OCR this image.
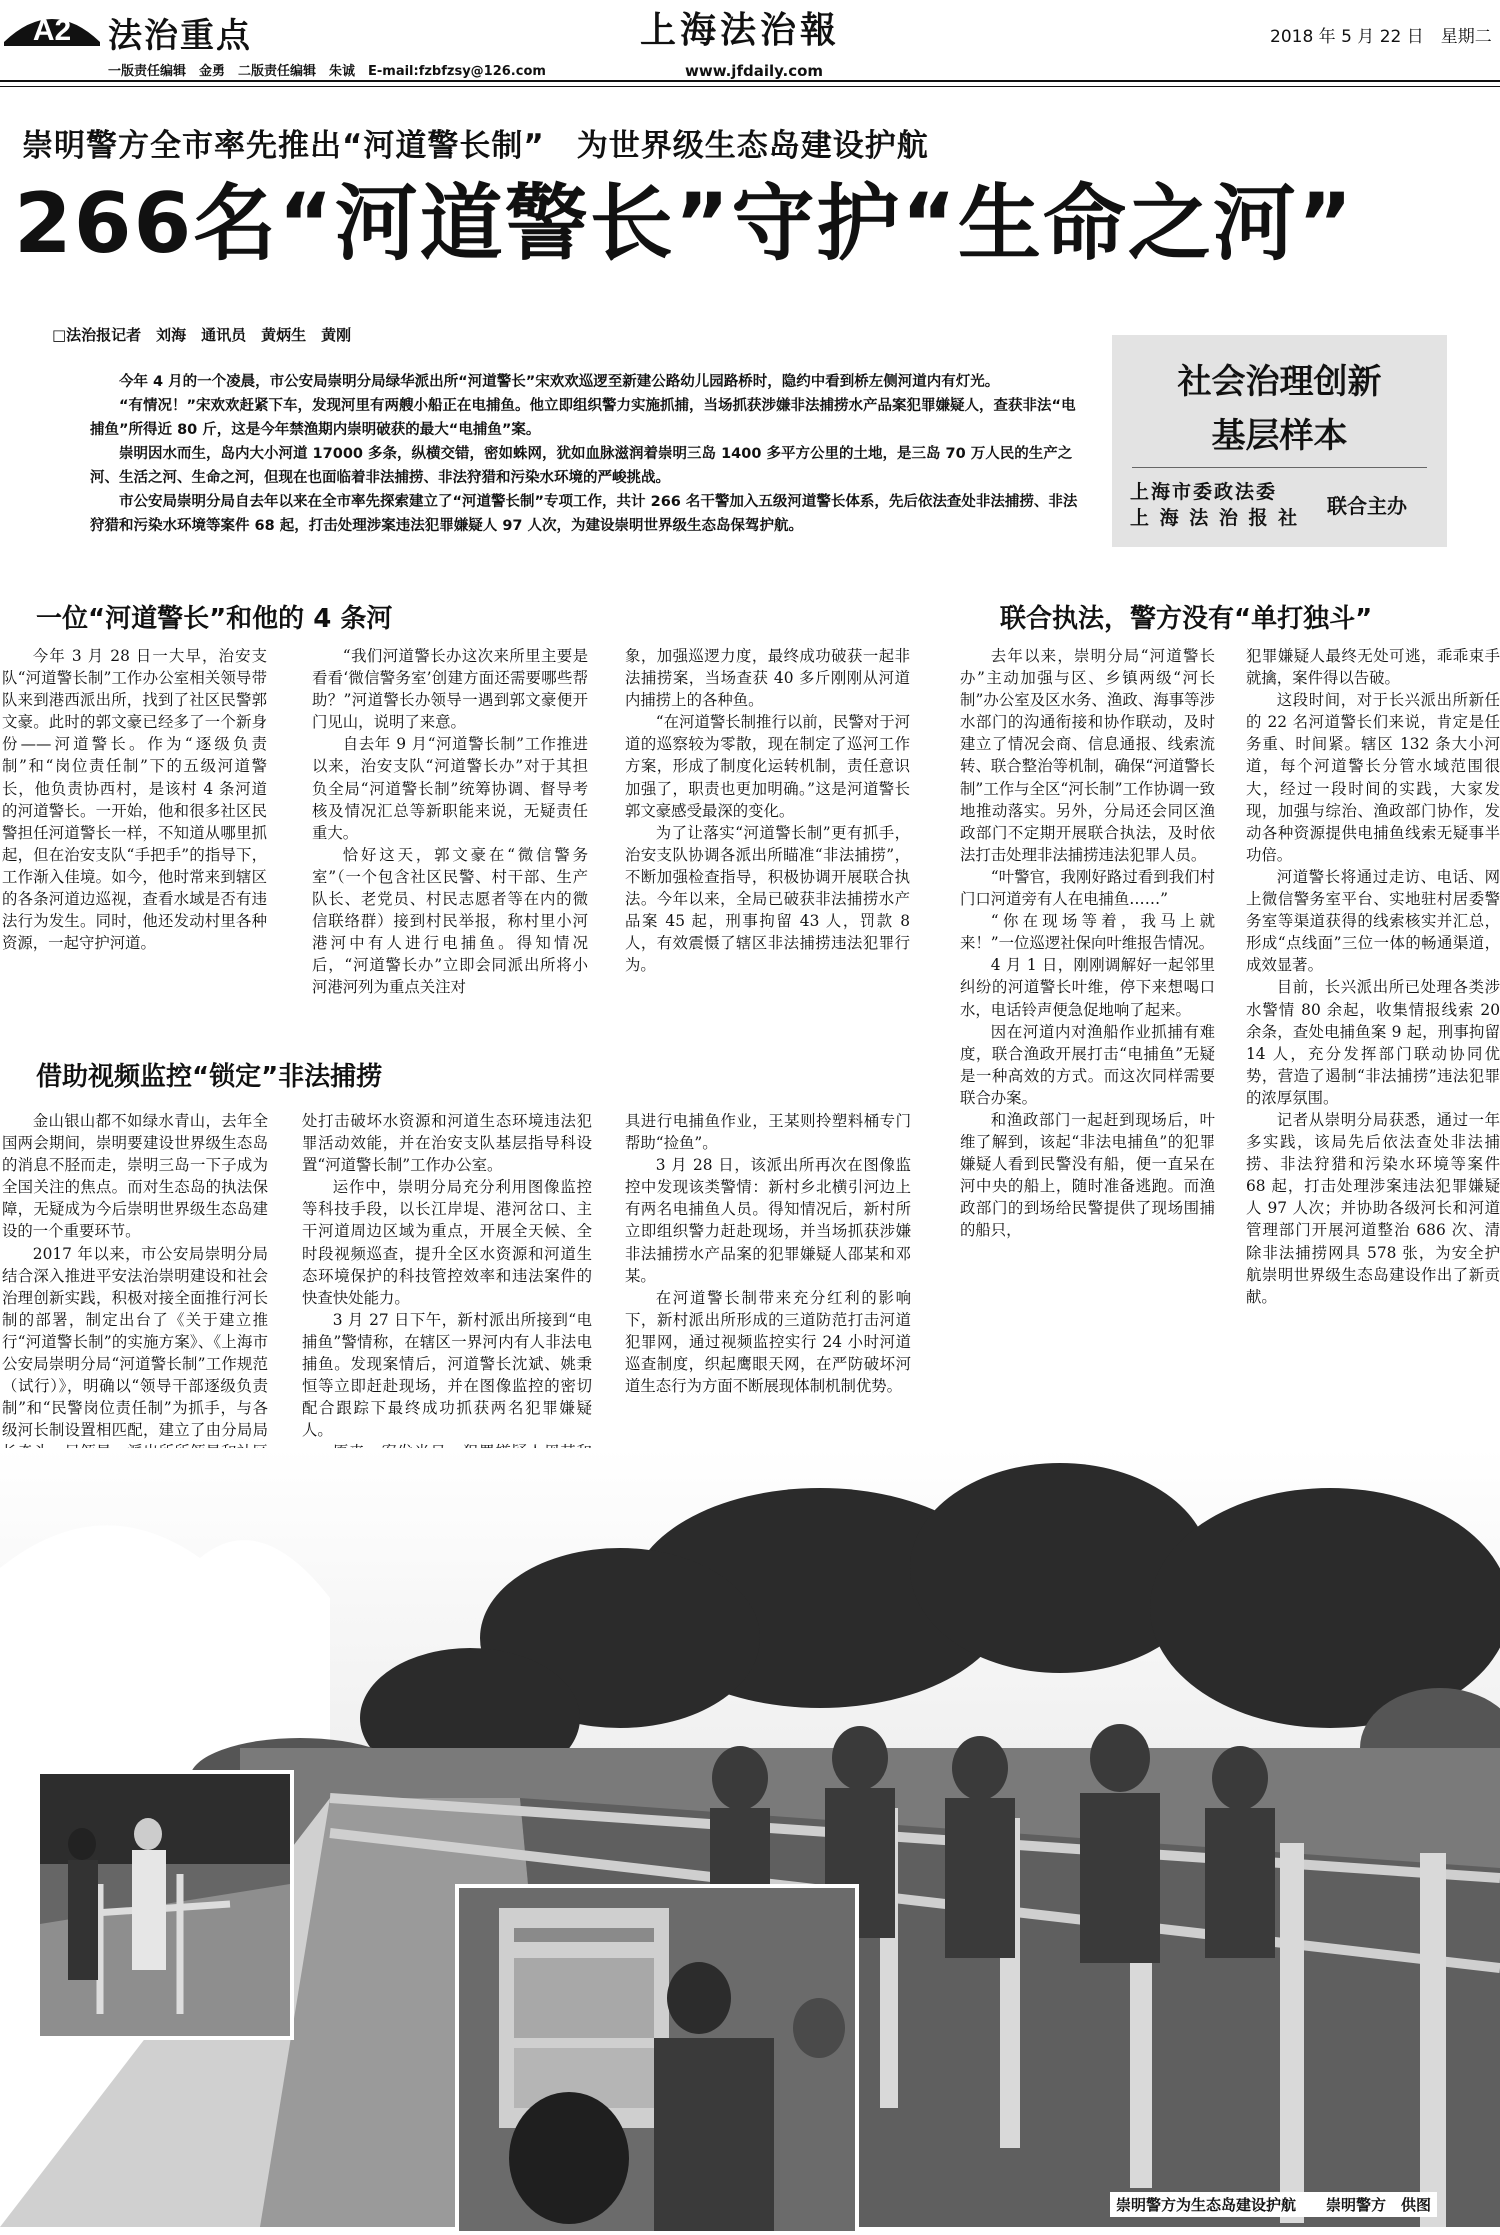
A2 法治重点	上海法治報	2018 年 5 月 22 日　星期二
一版责任编辑　金勇　二版责任编辑　朱诚　E-mail:fzbfzsy@126.com	www.jfdaily.com
崇明警方全市率先推出“河道警长制”　为世界级生态岛建设护航
266名“河道警长”守护“生命之河”
□法治报记者　刘海　通讯员　黄炳生　黄刚

今年 4 月的一个凌晨，市公安局崇明分局绿华派出所“河道警长”宋欢欢巡逻至新建公路幼儿园路桥时，隐约中看到桥左侧河道内有灯光。

“有情况！”宋欢欢赶紧下车，发现河里有两艘小船正在电捕鱼。他立即组织警力实施抓捕，当场抓获涉嫌非法捕捞水产品案犯罪嫌疑人，查获非法“电捕鱼”所得近 80 斤，这是今年禁渔期内崇明破获的最大“电捕鱼”案。

崇明因水而生，岛内大小河道 17000 多条，纵横交错，密如蛛网，犹如血脉滋润着崇明三岛 1400 多平方公里的土地，是三岛 70 万人民的生产之河、生活之河、生命之河，但现在也面临着非法捕捞、非法狩猎和污染水环境的严峻挑战。

市公安局崇明分局自去年以来在全市率先探索建立了“河道警长制”专项工作，共计 266 名干警加入五级河道警长体系，先后依法查处非法捕捞、非法狩猎和污染水环境等案件 68 起，打击处理涉案违法犯罪嫌疑人 97 人次，为建设崇明世界级生态岛保驾护航。

社会治理创新基层样本
上海市委政法委
上 海 法 治 报 社 联合主办
一位“河道警长”和他的 4 条河

今年 3 月 28 日一大早，治安支队“河道警长制”工作办公室相关领导带队来到港西派出所，找到了社区民警郭文豪。此时的郭文豪已经多了一个新身份——河道警长。作为“逐级负责制”和“岗位责任制”下的五级河道警长，他负责协西村，是该村 4 条河道的河道警长。一开始，他和很多社区民警担任河道警长一样，不知道从哪里抓起，但在治安支队“手把手”的指导下，工作渐入佳境。如今，他时常来到辖区的各条河道边巡视，查看水域是否有违法行为发生。同时，他还发动村里各种资源，一起守护河道。

“我们河道警长办这次来所里主要是看看‘微信警务室’创建方面还需要哪些帮助？”河道警长办领导一遇到郭文豪便开门见山，说明了来意。

自去年 9 月“河道警长制”工作推进以来，治安支队“河道警长办”对于其担负全局“河道警长制”统筹协调、督导考核及情况汇总等新职能来说，无疑责任重大。

恰好这天，郭文豪在“微信警务室”（一个包含社区民警、村干部、生产队长、老党员、村民志愿者等在内的微信联络群）接到村民举报，称村里小河港河中有人进行电捕鱼。得知情况后，“河道警长办”立即会同派出所将小河港河列为重点关注对

象，加强巡逻力度，最终成功破获一起非法捕捞案，当场查获 40 多斤刚刚从河道内捕捞上的各种鱼。

“在河道警长制推行以前，民警对于河道的巡察较为零散，现在制定了巡河工作方案，形成了制度化运转机制，责任意识加强了，职责也更加明确。”这是河道警长郭文豪感受最深的变化。

为了让落实“河道警长制”更有抓手，治安支队协调各派出所瞄准“非法捕捞”，不断加强检查指导，积极协调开展联合执法。今年以来，全局已破获非法捕捞水产品案 45 起，刑事拘留 43 人，罚款 8 人，有效震慑了辖区非法捕捞违法犯罪行为。

借助视频监控“锁定”非法捕捞

金山银山都不如绿水青山，去年全国两会期间，崇明要建设世界级生态岛的消息不胫而走，崇明三岛一下子成为全国关注的焦点。而对生态岛的执法保障，无疑成为今后崇明世界级生态岛建设的一个重要环节。

2017 年以来，市公安局崇明分局结合深入推进平安法治崇明建设和社会治理创新实践，积极对接全面推行河长制的部署，制定出台了《关于建立推行“河道警长制”的实施方案》、《上海市公安局崇明分局“河道警长制”工作规范（试行）》，明确以“领导干部逐级负责制”和“民警岗位责任制”为抓手，与各级河长制设置相匹配，建立了由分局局

处打击破坏水资源和河道生态环境违法犯罪活动效能，并在治安支队基层指导科设置“河道警长制”工作办公室。

运作中，崇明分局充分利用图像监控等科技手段，以长江岸堤、港河岔口、主干河道周边区域为重点，开展全天候、全时段视频巡查，提升全区水资源和河道生态环境保护的科技管控效率和违法案件的快查快处能力。

3 月 27 日下午，新村派出所接到“电捕鱼”警情称，在辖区一界河内有人非法电捕鱼。发现案情后，河道警长沈斌、姚秉恒等立即赶赴现场，并在图像监控的密切配合跟踪下最终成功抓获两名犯罪嫌疑人。

具进行电捕鱼作业，王某则拎塑料桶专门帮助“捡鱼”。

3 月 28 日，该派出所再次在图像监控中发现该类警情：新村乡北横引河边上有两名电捕鱼人员。得知情况后，新村所立即组织警力赶赴现场，并当场抓获涉嫌非法捕捞水产品案的犯罪嫌疑人邵某和邓某。

在河道警长制带来充分红利的影响下，新村派出所形成的三道防范打击河道犯罪网，通过视频监控实行 24 小时河道巡查制度，织起鹰眼天网，在严防破坏河道生态行为方面不断展现体制机制优势。

联合执法，警方没有“单打独斗”

去年以来，崇明分局“河道警长办”主动加强与区、乡镇两级“河长制”办公室及区水务、渔政、海事等涉水部门的沟通衔接和协作联动，及时建立了情况会商、信息通报、线索流转、联合整治等机制，确保“河道警长制”工作与全区“河长制”工作协调一致地推动落实。另外，分局还会同区渔政部门不定期开展联合执法，及时依法打击处理非法捕捞违法犯罪人员。

“叶警官，我刚好路过看到我们村门口河道旁有人在电捕鱼……”

“你在现场等着，我马上就来！”一位巡逻社保向叶维报告情况。

4 月 1 日，刚刚调解好一起邻里纠纷的河道警长叶维，停下来想喝口水，电话铃声便急促地响了起来。

因在河道内对渔船作业抓捕有难度，联合渔政开展打击“电捕鱼”无疑是一种高效的方式。而这次同样需要联合办案。

和渔政部门一起赶到现场后，叶维了解到，该起“非法电捕鱼”的犯罪嫌疑人看到民警没有船，便一直呆在河中央的船上，随时准备逃跑。而渔政部门的到场给民警提供了现场围捕的船只，

犯罪嫌疑人最终无处可逃，乖乖束手就擒，案件得以告破。

这段时间，对于长兴派出所新任的 22 名河道警长们来说，肯定是任务重、时间紧。辖区 132 条大小河道，每个河道警长分管水域范围很大，经过一段时间的实践，大家发现，加强与综治、渔政部门协作，发动各种资源提供电捕鱼线索无疑事半功倍。

河道警长将通过走访、电话、网上微信警务室平台、实地驻村居委警务室等渠道获得的线索核实并汇总，形成“点线面”三位一体的畅通渠道，成效显著。

目前，长兴派出所已处理各类涉水警情 80 余起，收集情报线索 20 余条，查处电捕鱼案 9 起，刑事拘留 14 人，充分发挥部门联动协同优势，营造了遏制“非法捕捞”违法犯罪的浓厚氛围。

记者从崇明分局获悉，通过一年多实践，该局先后依法查处非法捕捞、非法狩猎和污染水环境等案件 68 起，打击处理涉案违法犯罪嫌疑人 97 人次；并协助各级河长和河道管理部门开展河道整治 686 次、清除非法捕捞网具 578 张，为安全护航崇明世界级生态岛建设作出了新贡献。

崇明警方为生态岛建设护航　　崇明警方　供图
